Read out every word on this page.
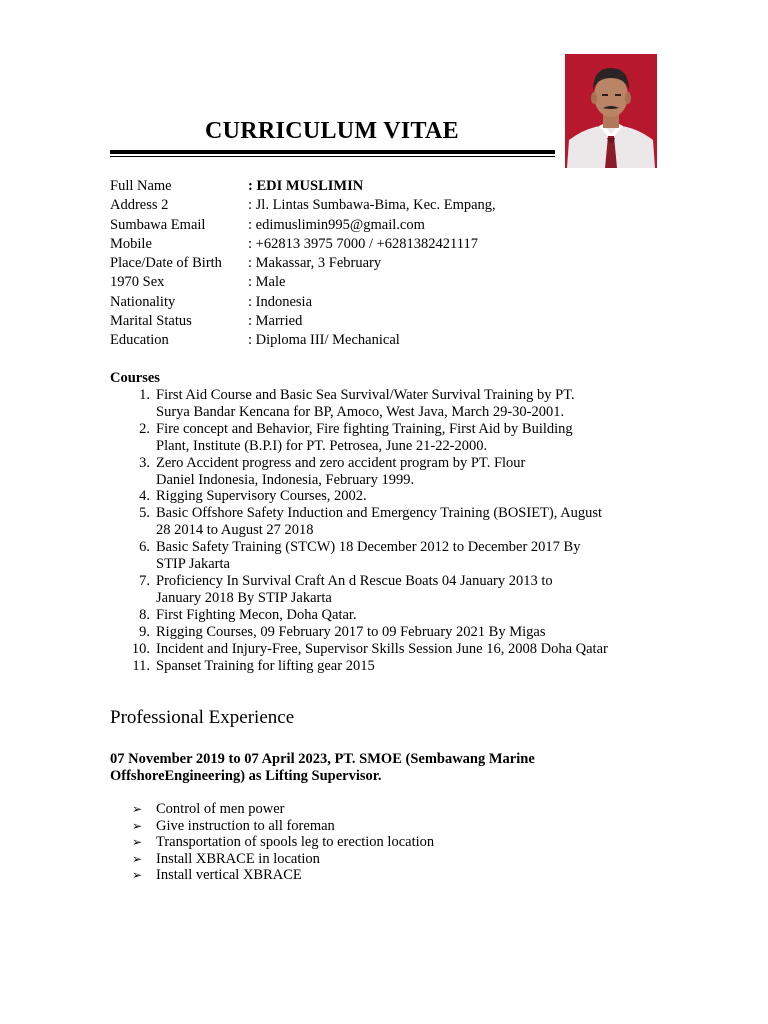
CURRICULUM VITAE
Full Name	: EDI MUSLIMIN
Address 2	: Jl. Lintas Sumbawa-Bima, Kec. Empang,
Sumbawa Email	: edimuslimin995@gmail.com
Mobile	: +62813 3975 7000 / +6281382421117
Place/Date of Birth : Makassar, 3 February
1970 Sex	: Male
Nationality	: Indonesia
Marital Status	: Married
Education	: Diploma III/ Mechanical
Courses
1. First Aid Course and Basic Sea Survival/Water Survival Training by PT.
Surya Bandar Kencana for BP, Amoco, West Java, March 29-30-2001.
2. Fire concept and Behavior, Fire fighting Training, First Aid by Building
Plant, Institute (B.P.I) for PT. Petrosea, June 21-22-2000.
3. Zero Accident progress and zero accident program by PT. Flour
Daniel Indonesia, Indonesia, February 1999.
4. Rigging Supervisory Courses, 2002.
5. Basic Offshore Safety Induction and Emergency Training (BOSIET), August
28 2014 to August 27 2018
6. Basic Safety Training (STCW) 18 December 2012 to December 2017 By
STIP Jakarta
7. Proficiency In Survival Craft An d Rescue Boats 04 January 2013 to
January 2018 By STIP Jakarta
8. First Fighting Mecon, Doha Qatar.
9. Rigging Courses, 09 February 2017 to 09 February 2021 By Migas
10. Incident and Injury-Free, Supervisor Skills Session June 16, 2008 Doha Qatar
11. Spanset Training for lifting gear 2015
Professional Experience
07 November 2019 to 07 April 2023, PT. SMOE (Sembawang Marine OffshoreEngineering) as Lifting Supervisor.
➢ Control of men power
➢ Give instruction to all foreman
➢ Transportation of spools leg to erection location
➢ Install XBRACE in location
➢ Install vertical XBRACE
